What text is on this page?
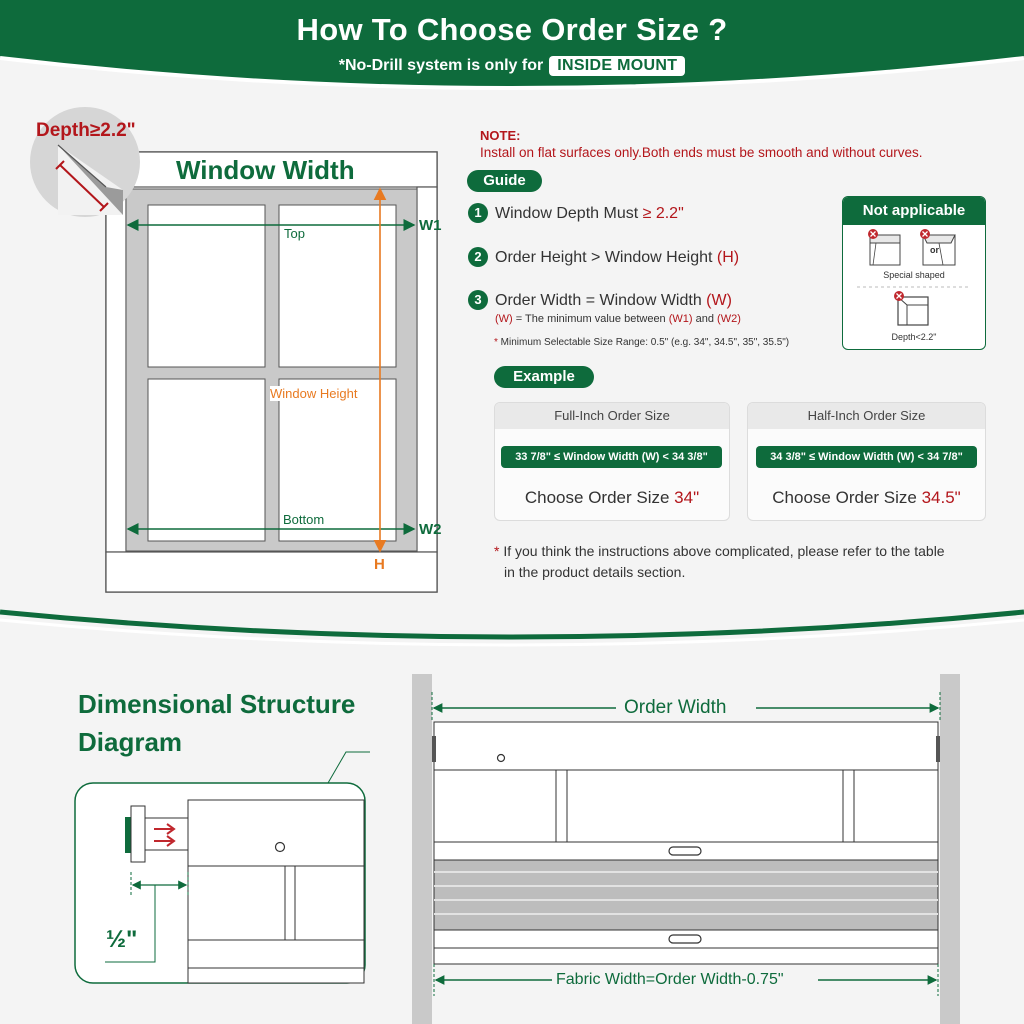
How To Choose Order Size ?
*No-Drill system is only for INSIDE MOUNT
Depth≥2.2"
Window Width
Top
Bottom
Window Height
W1
W2
H
NOTE:
Install on flat surfaces only.Both ends must be smooth and without curves.
Guide
1 Window Depth Must ≥ 2.2"
2 Order Height > Window Height (H)
3 Order Width = Window Width (W)
(W) = The minimum value between (W1) and (W2)
* Minimum Selectable Size Range: 0.5" (e.g. 34", 34.5", 35", 35.5")
Not applicable
or
Special shaped
Depth<2.2"
Example
Full-Inch Order Size
33 7/8" ≤ Window Width (W) < 34 3/8"
Choose Order Size 34"
Half-Inch Order Size
34 3/8" ≤ Window Width (W) < 34 7/8"
Choose Order Size 34.5"
* If you think the instructions above complicated, please refer to the table
in the product details section.
Dimensional Structure
Diagram
½"
Order Width
Fabric Width=Order Width-0.75"
